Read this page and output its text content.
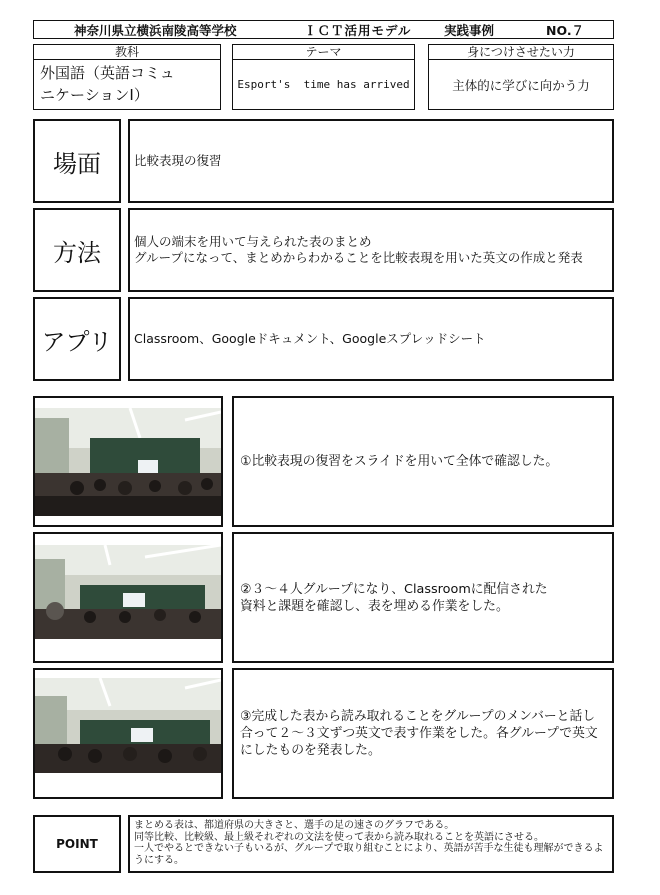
神奈川県立横浜南陵高等学校	ＩＣＴ活用モデル	実践事例	NO.７
教科
外国語（英語コミュ
ニケーションⅠ）
テーマ
Esport's  time has arrived
身につけさせたい力
主体的に学びに向かう力
場面	比較表現の復習
方法	個人の端末を用いて与えられた表のまとめ
グループになって、まとめからわかることを比較表現を用いた英文の作成と発表
アプリ Classroom、Googleドキュメント、Googleスプレッドシート
①比較表現の復習をスライドを用いて全体で確認した。
②３～４人グループになり、Classroomに配信された
資料と課題を確認し、表を埋める作業をした。
③完成した表から読み取れることをグループのメンバーと話し合って２～３文ずつ英文で表す作業をした。各グループで英文にしたものを発表した。
POINT
まとめる表は、都道府県の大きさと、選手の足の速さのグラフである。
同等比較、比較級、最上級それぞれの文法を使って表から読み取れることを英語にさせる。
一人でやるとできない子もいるが、グループで取り組むことにより、英語が苦手な生徒も理解ができるようにする。
